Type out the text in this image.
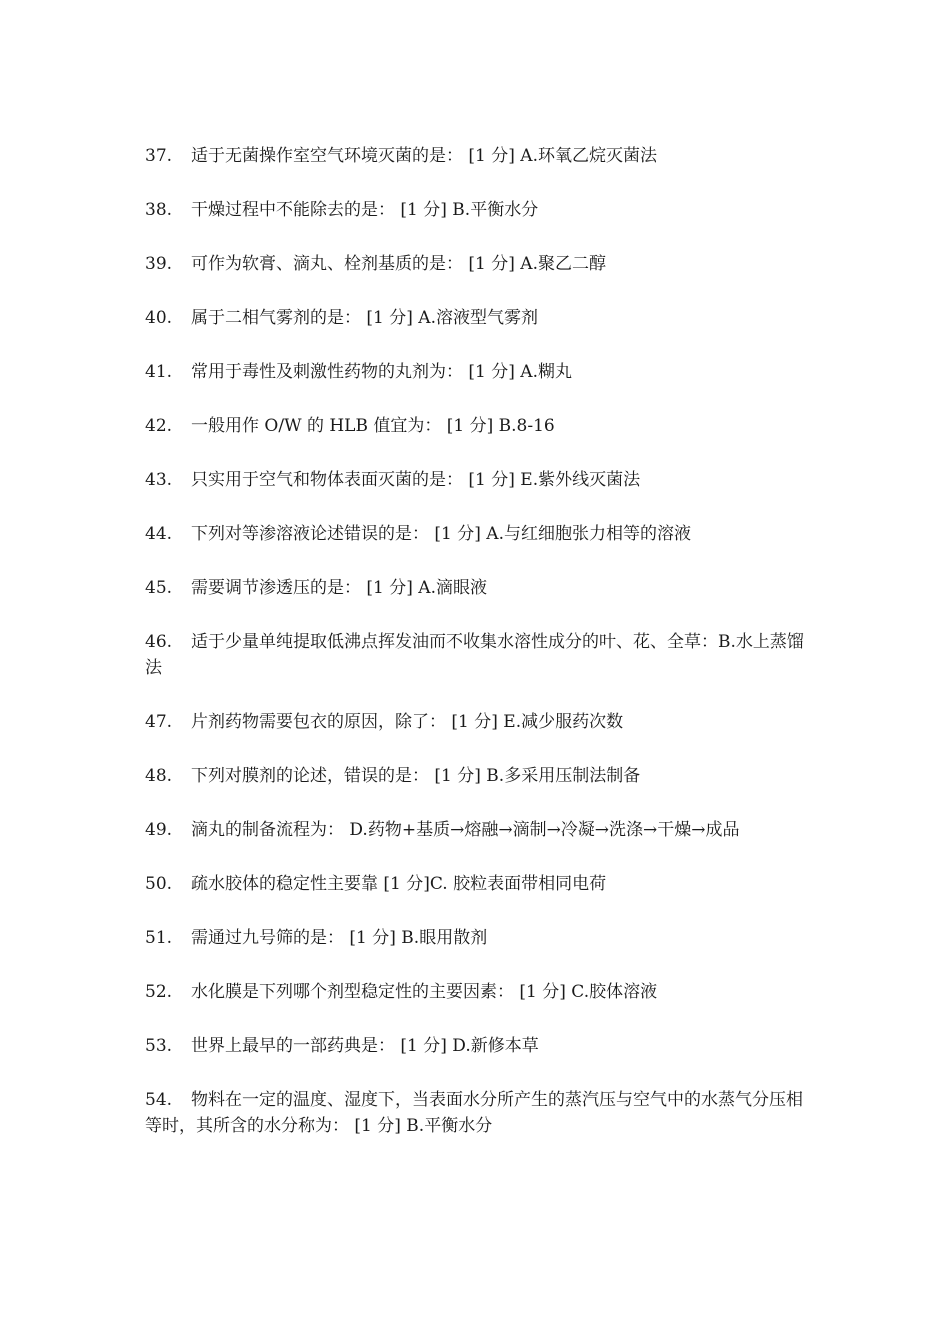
37. 适于无菌操作室空气环境灭菌的是： [1 分] A.环氧乙烷灭菌法
38. 干燥过程中不能除去的是： [1 分] B.平衡水分
39. 可作为软膏、滴丸、栓剂基质的是： [1 分] A.聚乙二醇
40. 属于二相气雾剂的是： [1 分] A.溶液型气雾剂
41. 常用于毒性及刺激性药物的丸剂为： [1 分] A.糊丸
42. 一般用作 O/W 的 HLB 值宜为： [1 分] B.8-16
43. 只实用于空气和物体表面灭菌的是： [1 分] E.紫外线灭菌法
44. 下列对等渗溶液论述错误的是： [1 分] A.与红细胞张力相等的溶液
45. 需要调节渗透压的是： [1 分] A.滴眼液
46. 适于少量单纯提取低沸点挥发油而不收集水溶性成分的叶、花、全草：B.水上蒸馏法
47. 片剂药物需要包衣的原因，除了： [1 分] E.减少服药次数
48. 下列对膜剂的论述，错误的是： [1 分] B.多采用压制法制备
49. 滴丸的制备流程为： D.药物+基质→熔融→滴制→冷凝→洗涤→干燥→成品
50. 疏水胶体的稳定性主要靠 [1 分]C. 胶粒表面带相同电荷
51. 需通过九号筛的是： [1 分] B.眼用散剂
52. 水化膜是下列哪个剂型稳定性的主要因素： [1 分] C.胶体溶液
53. 世界上最早的一部药典是： [1 分] D.新修本草
54. 物料在一定的温度、湿度下，当表面水分所产生的蒸汽压与空气中的水蒸气分压相等时，其所含的水分称为： [1 分] B.平衡水分
